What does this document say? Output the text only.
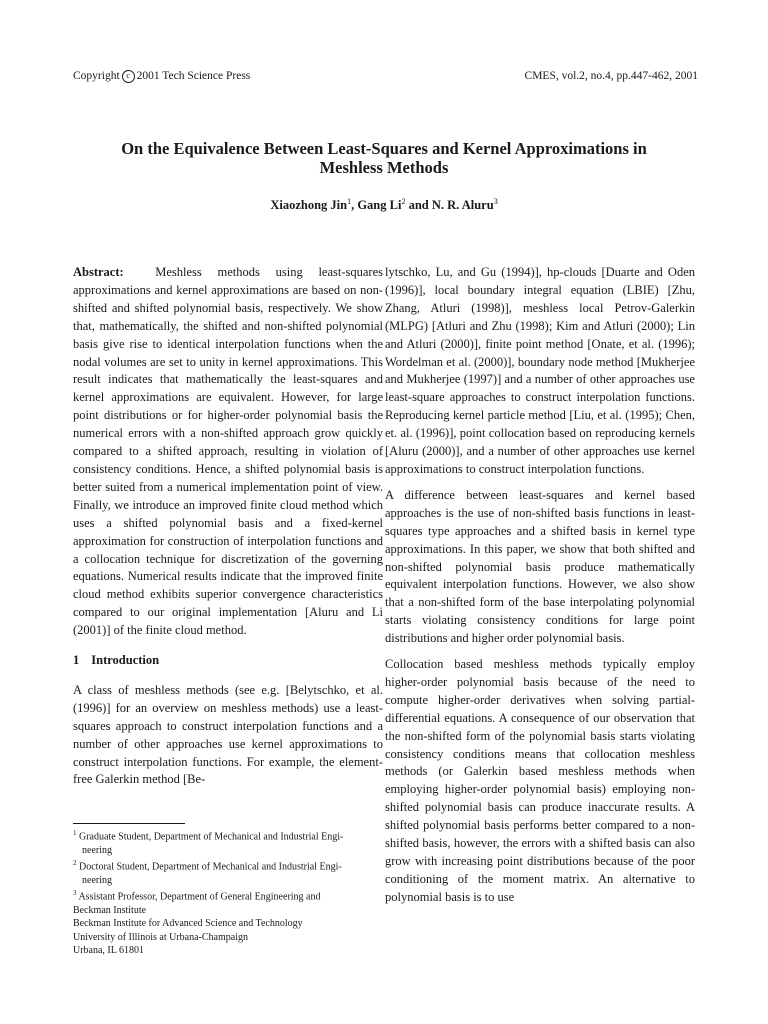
Copyright c 2001 Tech Science Press	CMES, vol.2, no.4, pp.447-462, 2001
On the Equivalence Between Least-Squares and Kernel Approximations in
Meshless Methods
Xiaozhong Jin$^1$, Gang Li$^2$ and N. R. Aluru$^3$

Abstract:	Meshless methods using least-squares approximations and kernel approximations are based on non-shifted and shifted polynomial basis, respectively. We show that, mathematically, the shifted and non-shifted polynomial basis give rise to identical interpolation functions when the nodal volumes are set to unity in kernel approximations. This result indicates that mathematically the least-squares and kernel approximations are equivalent. However, for large point distributions or for higher-order polynomial basis the numerical errors with a non-shifted approach grow quickly compared to a shifted approach, resulting in violation of consistency conditions. Hence, a shifted polynomial basis is better suited from a numerical implementation point of view. Finally, we introduce an improved finite cloud method which uses a shifted polynomial basis and a fixed-kernel approximation for construction of interpolation functions and a collocation technique for discretization of the governing equations. Numerical results indicate that the improved finite cloud method exhibits superior convergence characteristics compared to our original implementation [Aluru and Li (2001)] of the finite cloud method.

1 Introduction

A class of meshless methods (see e.g. [Belytschko, et al. (1996)] for an overview on meshless methods) use a least-squares approach to construct interpolation functions and a number of other approaches use kernel approximations to construct interpolation functions. For example, the element-free Galerkin method [Be-

$^1$ Graduate Student, Department of Mechanical and Industrial Engi-

neering

$^2$ Doctoral Student, Department of Mechanical and Industrial Engi-

neering

$^3$ Assistant Professor, Department of General Engineering and

Beckman Institute

Beckman Institute for Advanced Science and Technology

University of Illinois at Urbana-Champaign

Urbana, IL 61801

lytschko, Lu, and Gu (1994)], hp-clouds [Duarte and Oden (1996)], local boundary integral equation (LBIE) [Zhu, Zhang, Atluri (1998)], meshless local Petrov-Galerkin (MLPG) [Atluri and Zhu (1998); Kim and Atluri (2000); Lin and Atluri (2000)], finite point method [Onate, et al. (1996); Wordelman et al. (2000)], boundary node method [Mukherjee and Mukherjee (1997)] and a number of other approaches use least-square approaches to construct interpolation functions. Reproducing kernel particle method [Liu, et al. (1995); Chen, et. al. (1996)], point collocation based on reproducing kernels [Aluru (2000)], and a number of other approaches use kernel approximations to construct interpolation functions.

A difference between least-squares and kernel based approaches is the use of non-shifted basis functions in least-squares type approaches and a shifted basis in kernel type approximations. In this paper, we show that both shifted and non-shifted polynomial basis produce mathematically equivalent interpolation functions. However, we also show that a non-shifted form of the base interpolating polynomial starts violating consistency conditions for large point distributions and higher order polynomial basis.

Collocation based meshless methods typically employ higher-order polynomial basis because of the need to compute higher-order derivatives when solving partial-differential equations. A consequence of our observation that the non-shifted form of the polynomial basis starts violating consistency conditions means that collocation meshless methods (or Galerkin based meshless methods when employing higher-order polynomial basis) employing non-shifted polynomial basis can produce inaccurate results. A shifted polynomial basis performs better compared to a non-shifted basis, however, the errors with a shifted basis can also grow with increasing point distributions because of the poor conditioning of the moment matrix. An alternative to polynomial basis is to use
